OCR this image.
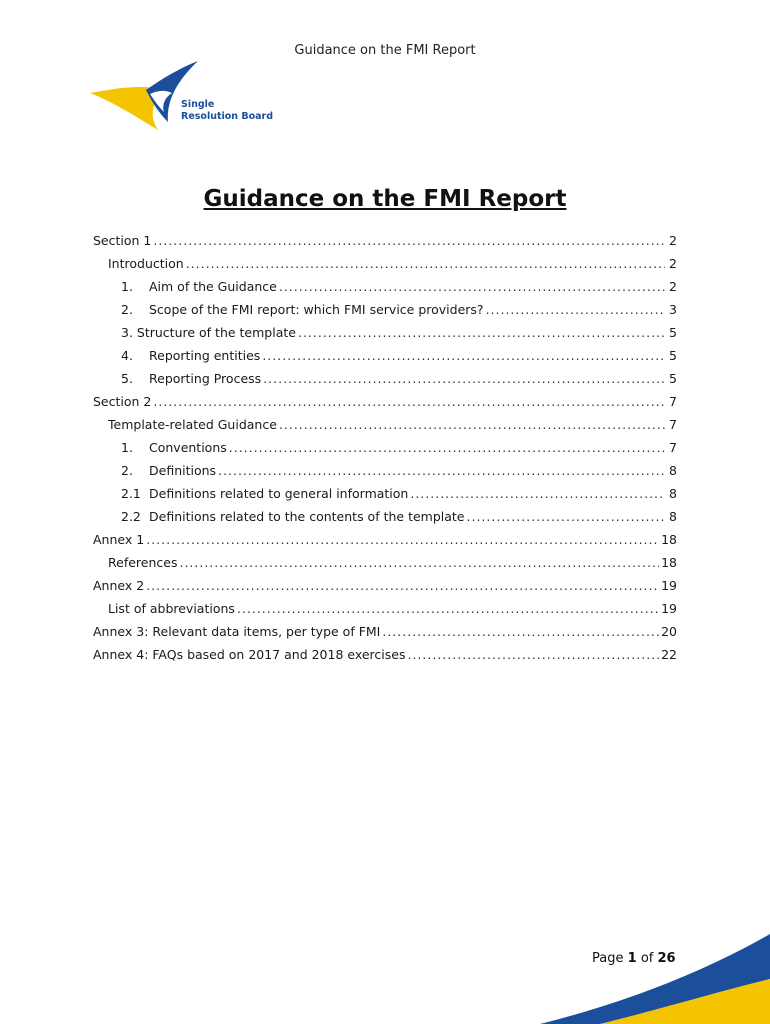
Guidance on the FMI Report
Single
Resolution Board
Guidance on the FMI Report
Section 1 .....	2
Introduction .....	2
1.	Aim of the Guidance .....	2
2.	Scope of the FMI report: which FMI service providers? .....	3
3. Structure of the template .....	5
4.	Reporting entities .....	5
5.	Reporting Process .....	5
Section 2 .....	7
Template-related Guidance .....	7
1.	Conventions .....	7
2.	Definitions .....	8
2.1 Definitions related to general information .....	8
2.2 Definitions related to the contents of the template .....	8
Annex 1 .....	18
References .....	18
Annex 2 .....	19
List of abbreviations .....	19
Annex 3: Relevant data items, per type of FMI .....	20
Annex 4: FAQs based on 2017 and 2018 exercises .....	22
Page 1 of 26
